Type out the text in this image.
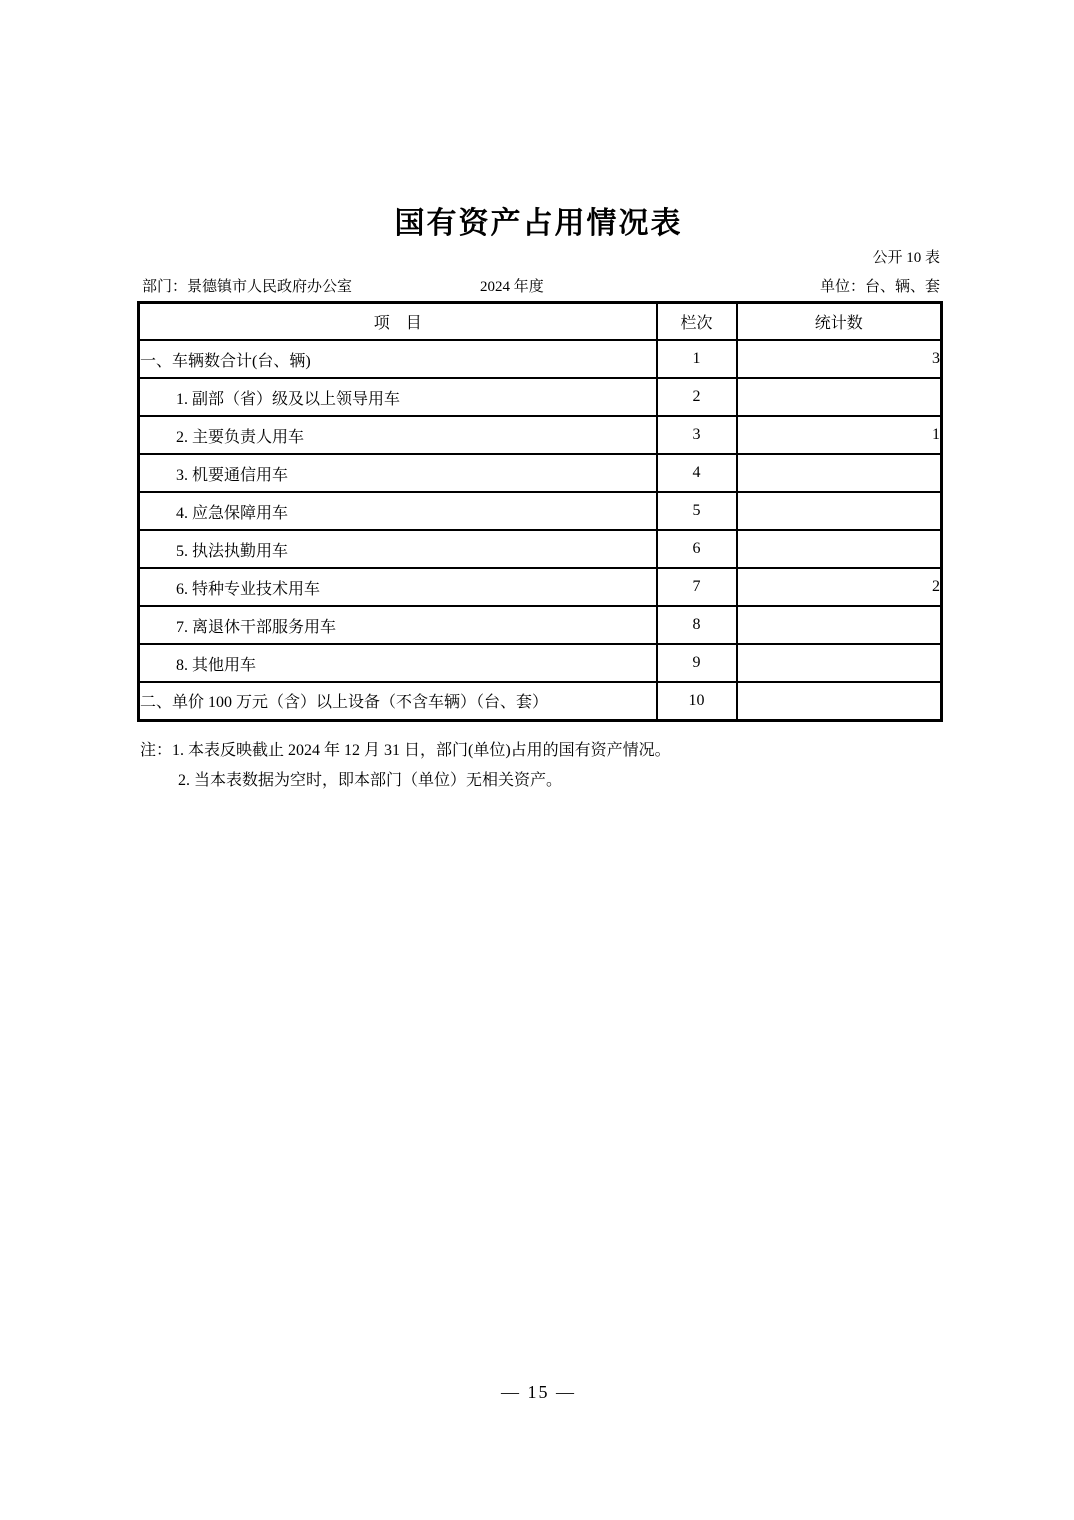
国有资产占用情况表
公开 10 表
部门：景德镇市人民政府办公室	2024 年度	单位：台、辆、套
项　目	栏次	统计数
一、车辆数合计(台、辆)	1	3
1. 副部（省）级及以上领导用车	2	
2. 主要负责人用车	3	1
3. 机要通信用车	4	
4. 应急保障用车	5	
5. 执法执勤用车	6	
6. 特种专业技术用车	7	2
7. 离退休干部服务用车	8	
8. 其他用车	9	
二、单价 100 万元（含）以上设备（不含车辆）（台、套）	10	
注：1. 本表反映截止 2024 年 12 月 31 日，部门(单位)占用的国有资产情况。
2. 当本表数据为空时，即本部门（单位）无相关资产。
— 15 —
